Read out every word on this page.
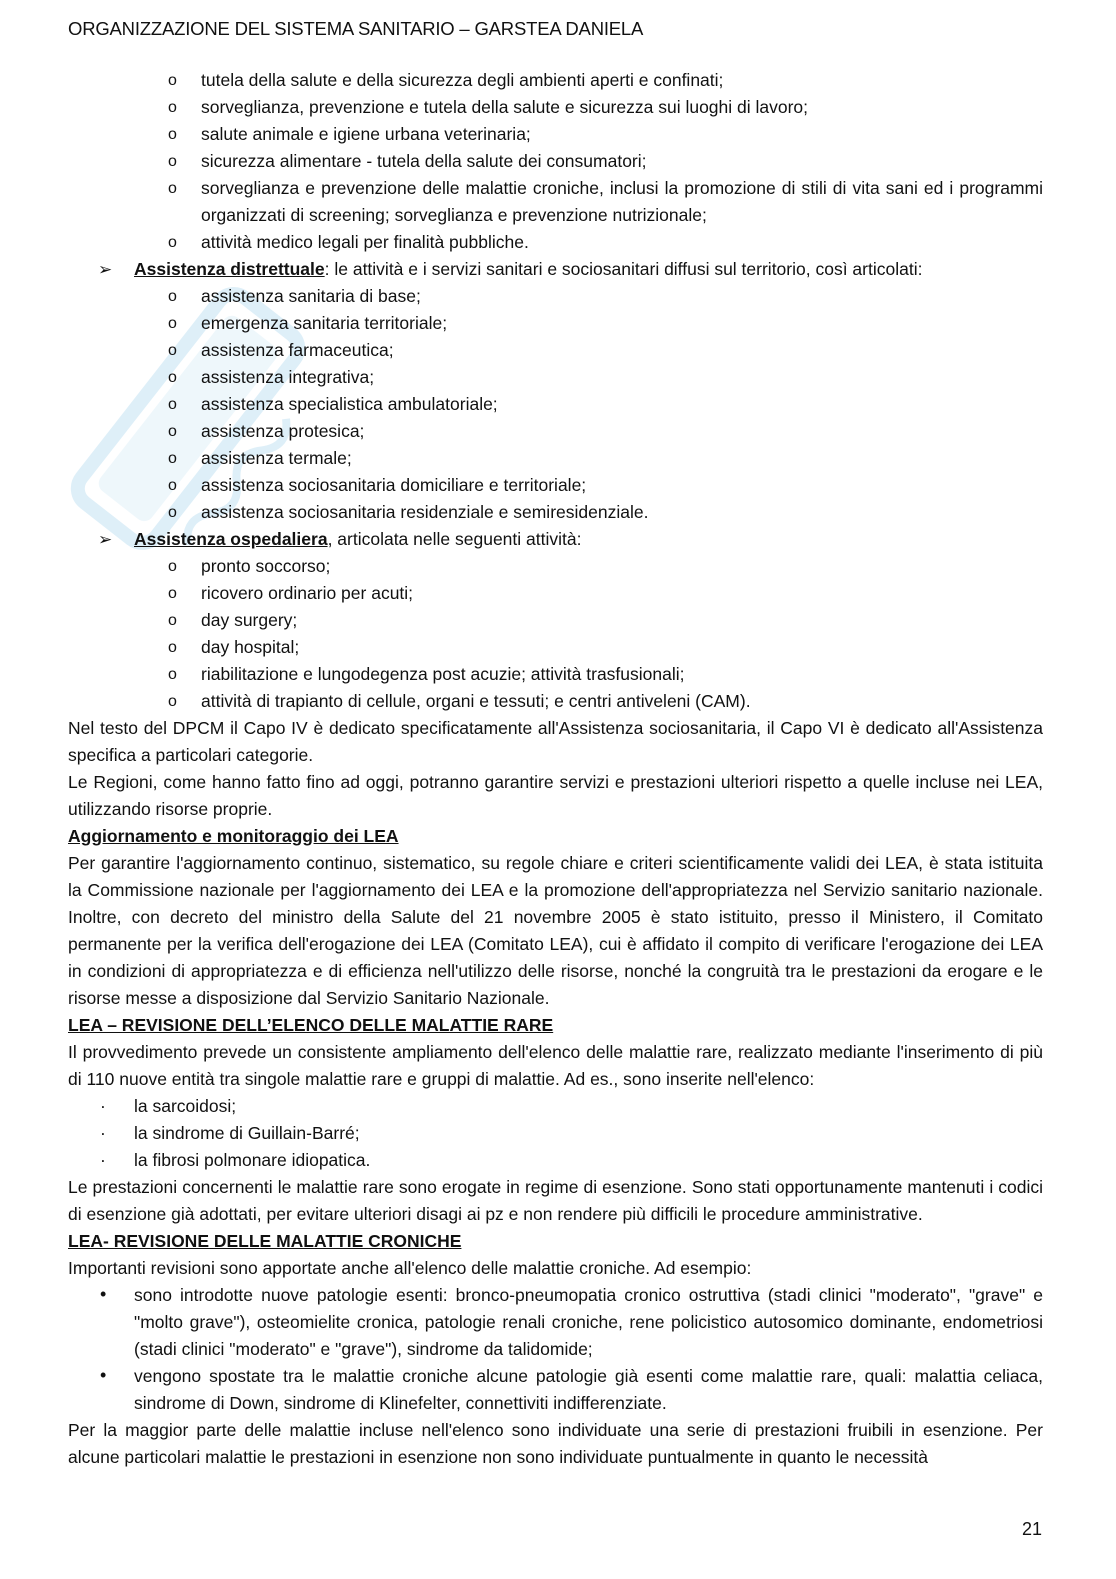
ORGANIZZAZIONE DEL SISTEMA SANITARIO – GARSTEA DANIELA
o tutela della salute e della sicurezza degli ambienti aperti e confinati;
o sorveglianza, prevenzione e tutela della salute e sicurezza sui luoghi di lavoro;
o salute animale e igiene urbana veterinaria;
o sicurezza alimentare - tutela della salute dei consumatori;
o sorveglianza e prevenzione delle malattie croniche, inclusi la promozione di stili di vita sani ed i programmi organizzati di screening; sorveglianza e prevenzione nutrizionale;
o attività medico legali per finalità pubbliche.
➢ Assistenza distrettuale: le attività e i servizi sanitari e sociosanitari diffusi sul territorio, così articolati:
o assistenza sanitaria di base;
o emergenza sanitaria territoriale;
o assistenza farmaceutica;
o assistenza integrativa;
o assistenza specialistica ambulatoriale;
o assistenza protesica;
o assistenza termale;
o assistenza sociosanitaria domiciliare e territoriale;
o assistenza sociosanitaria residenziale e semiresidenziale.
➢ Assistenza ospedaliera, articolata nelle seguenti attività:
o pronto soccorso;
o ricovero ordinario per acuti;
o day surgery;
o day hospital;
o riabilitazione e lungodegenza post acuzie; attività trasfusionali;
o attività di trapianto di cellule, organi e tessuti; e centri antiveleni (CAM).
Nel testo del DPCM il Capo IV è dedicato specificatamente all'Assistenza sociosanitaria, il Capo VI è dedicato all'Assistenza specifica a particolari categorie.
Le Regioni, come hanno fatto fino ad oggi, potranno garantire servizi e prestazioni ulteriori rispetto a quelle incluse nei LEA, utilizzando risorse proprie.
Aggiornamento e monitoraggio dei LEA
Per garantire l'aggiornamento continuo, sistematico, su regole chiare e criteri scientificamente validi dei LEA, è stata istituita la Commissione nazionale per l'aggiornamento dei LEA e la promozione dell'appropriatezza nel Servizio sanitario nazionale. Inoltre, con decreto del ministro della Salute del 21 novembre 2005 è stato istituito, presso il Ministero, il Comitato permanente per la verifica dell'erogazione dei LEA (Comitato LEA), cui è affidato il compito di verificare l'erogazione dei LEA in condizioni di appropriatezza e di efficienza nell'utilizzo delle risorse, nonché la congruità tra le prestazioni da erogare e le risorse messe a disposizione dal Servizio Sanitario Nazionale.
LEA – REVISIONE DELL’ELENCO DELLE MALATTIE RARE
Il provvedimento prevede un consistente ampliamento dell'elenco delle malattie rare, realizzato mediante l'inserimento di più di 110 nuove entità tra singole malattie rare e gruppi di malattie. Ad es., sono inserite nell'elenco:
· la sarcoidosi;
· la sindrome di Guillain-Barré;
· la fibrosi polmonare idiopatica.
Le prestazioni concernenti le malattie rare sono erogate in regime di esenzione. Sono stati opportunamente mantenuti i codici di esenzione già adottati, per evitare ulteriori disagi ai pz e non rendere più difficili le procedure amministrative.
LEA- REVISIONE DELLE MALATTIE CRONICHE
Importanti revisioni sono apportate anche all'elenco delle malattie croniche. Ad esempio:
• sono introdotte nuove patologie esenti: bronco-pneumopatia cronico ostruttiva (stadi clinici "moderato", "grave" e "molto grave"), osteomielite cronica, patologie renali croniche, rene policistico autosomico dominante, endometriosi (stadi clinici "moderato" e "grave"), sindrome da talidomide;
• vengono spostate tra le malattie croniche alcune patologie già esenti come malattie rare, quali: malattia celiaca, sindrome di Down, sindrome di Klinefelter, connettiviti indifferenziate.
Per la maggior parte delle malattie incluse nell'elenco sono individuate una serie di prestazioni fruibili in esenzione. Per alcune particolari malattie le prestazioni in esenzione non sono individuate puntualmente in quanto le necessità
21
